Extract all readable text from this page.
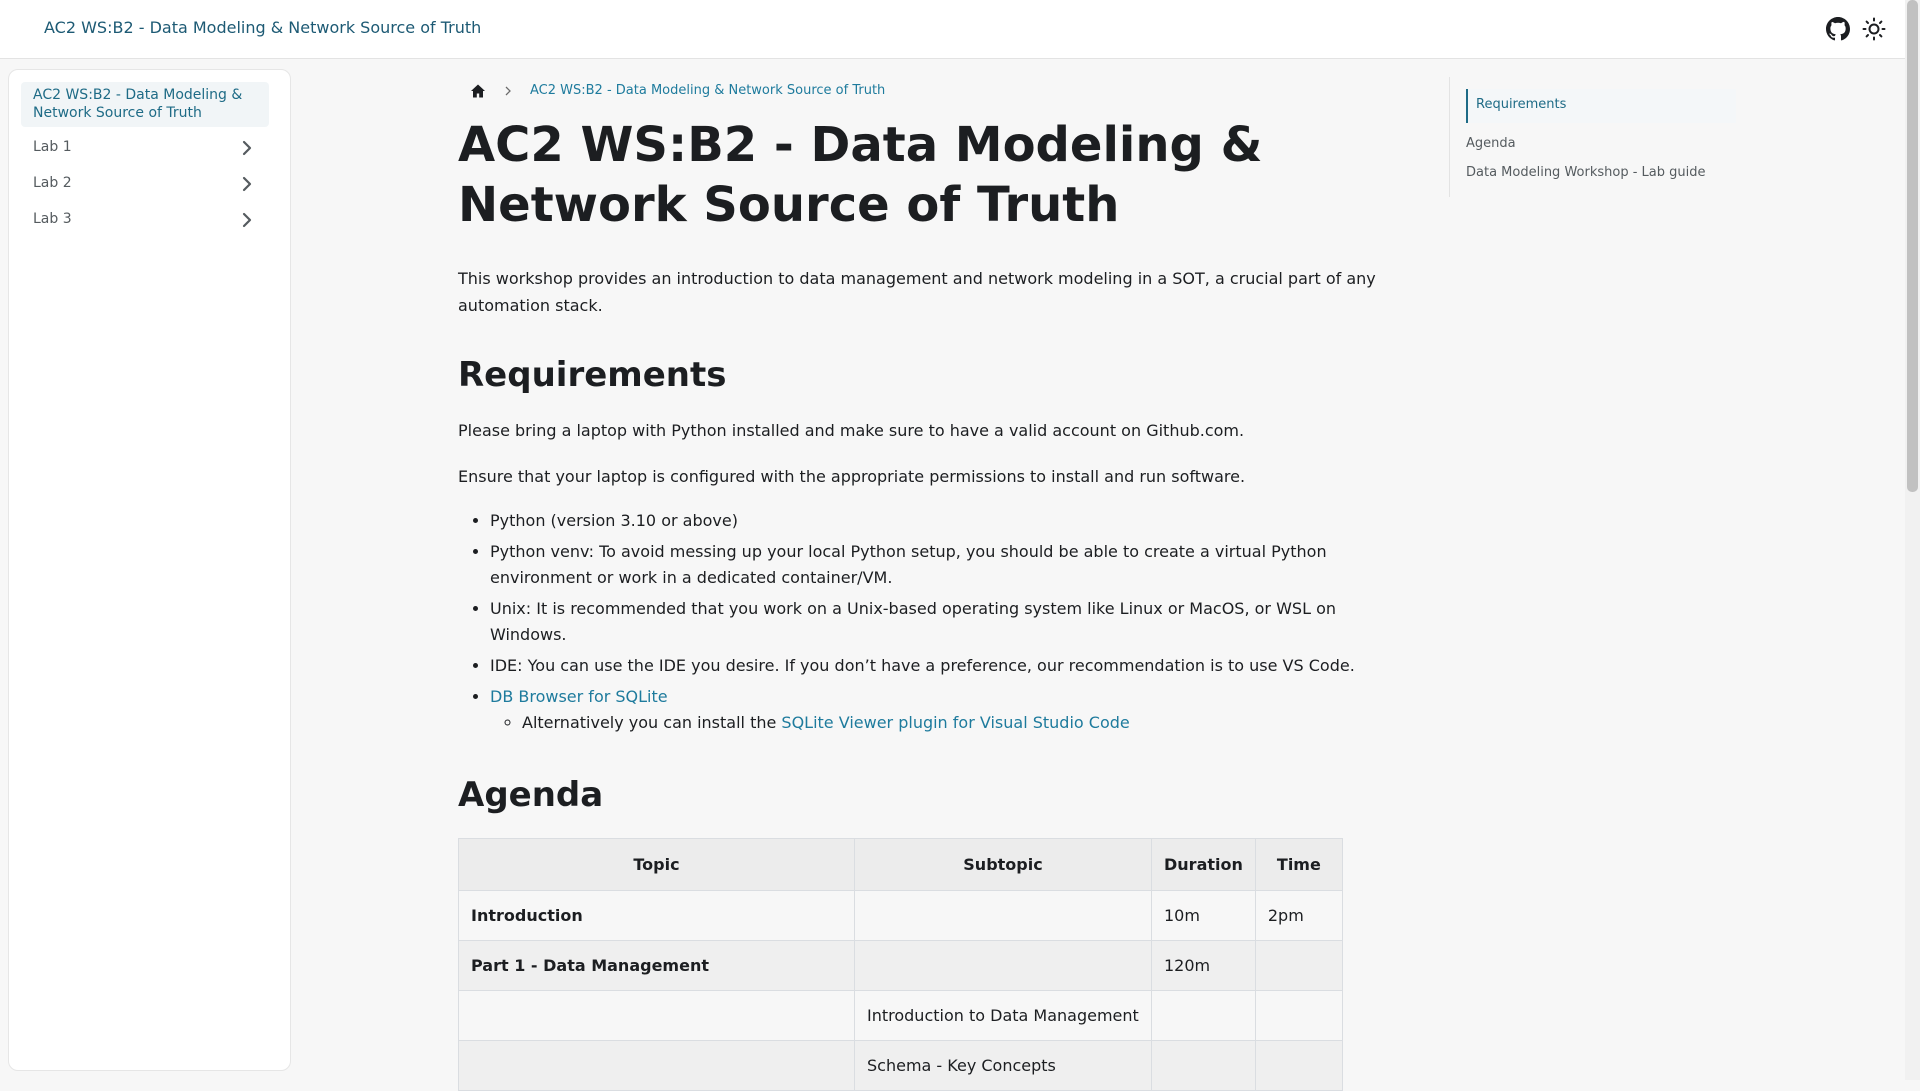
AC2 WS:B2 - Data Modeling & Network Source of Truth
AC2 WS:B2 - Data Modeling & Network Source of Truth
Lab 1
Lab 2
Lab 3
AC2 WS:B2 - Data Modeling & Network Source of Truth
AC2 WS:B2 - Data Modeling & Network Source of Truth

This workshop provides an introduction to data management and network modeling in a SOT, a crucial part of any automation stack.

Requirements

Please bring a laptop with Python installed and make sure to have a valid account on Github.com.

Ensure that your laptop is configured with the appropriate permissions to install and run software.

• Python (version 3.10 or above)
• Python venv: To avoid messing up your local Python setup, you should be able to create a virtual Python environment or work in a dedicated container/VM.
• Unix: It is recommended that you work on a Unix-based operating system like Linux or MacOS, or WSL on Windows.
• IDE: You can use the IDE you desire. If you don’t have a preference, our recommendation is to use VS Code.
• DB Browser for SQLite
◦ Alternatively you can install the SQLite Viewer plugin for Visual Studio Code
Agenda
Topic	Subtopic	Duration	Time
Introduction		10m	2pm
Part 1 - Data Management		120m	
	Introduction to Data Management		
	Schema - Key Concepts		
Requirements
Agenda
Data Modeling Workshop - Lab guide
